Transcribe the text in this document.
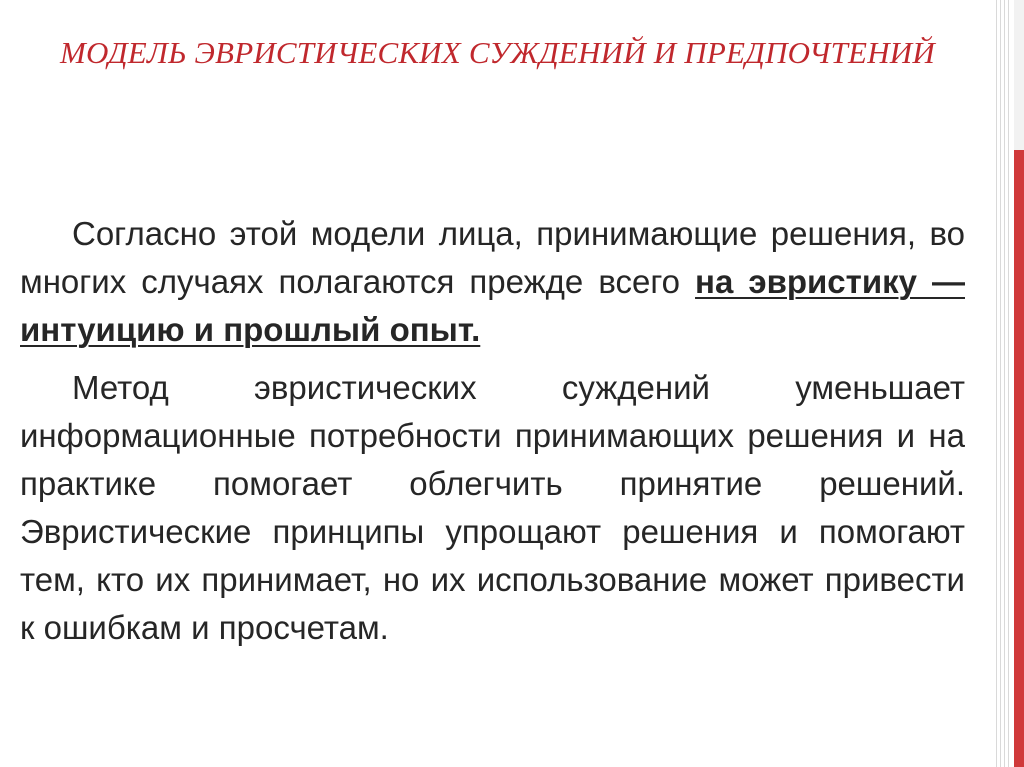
МОДЕЛЬ ЭВРИСТИЧЕСКИХ СУЖДЕНИЙ И ПРЕДПОЧТЕНИЙ

Согласно этой модели лица, принимающие решения, во многих случаях полагаются прежде всего на эвристику — интуицию и прошлый опыт.

Метод эвристических суждений уменьшает информационные потребности принимающих решения и на практике помогает облегчить принятие решений. Эвристические принципы упрощают решения и помогают тем, кто их принимает, но их использование может привести к ошибкам и просчетам.
